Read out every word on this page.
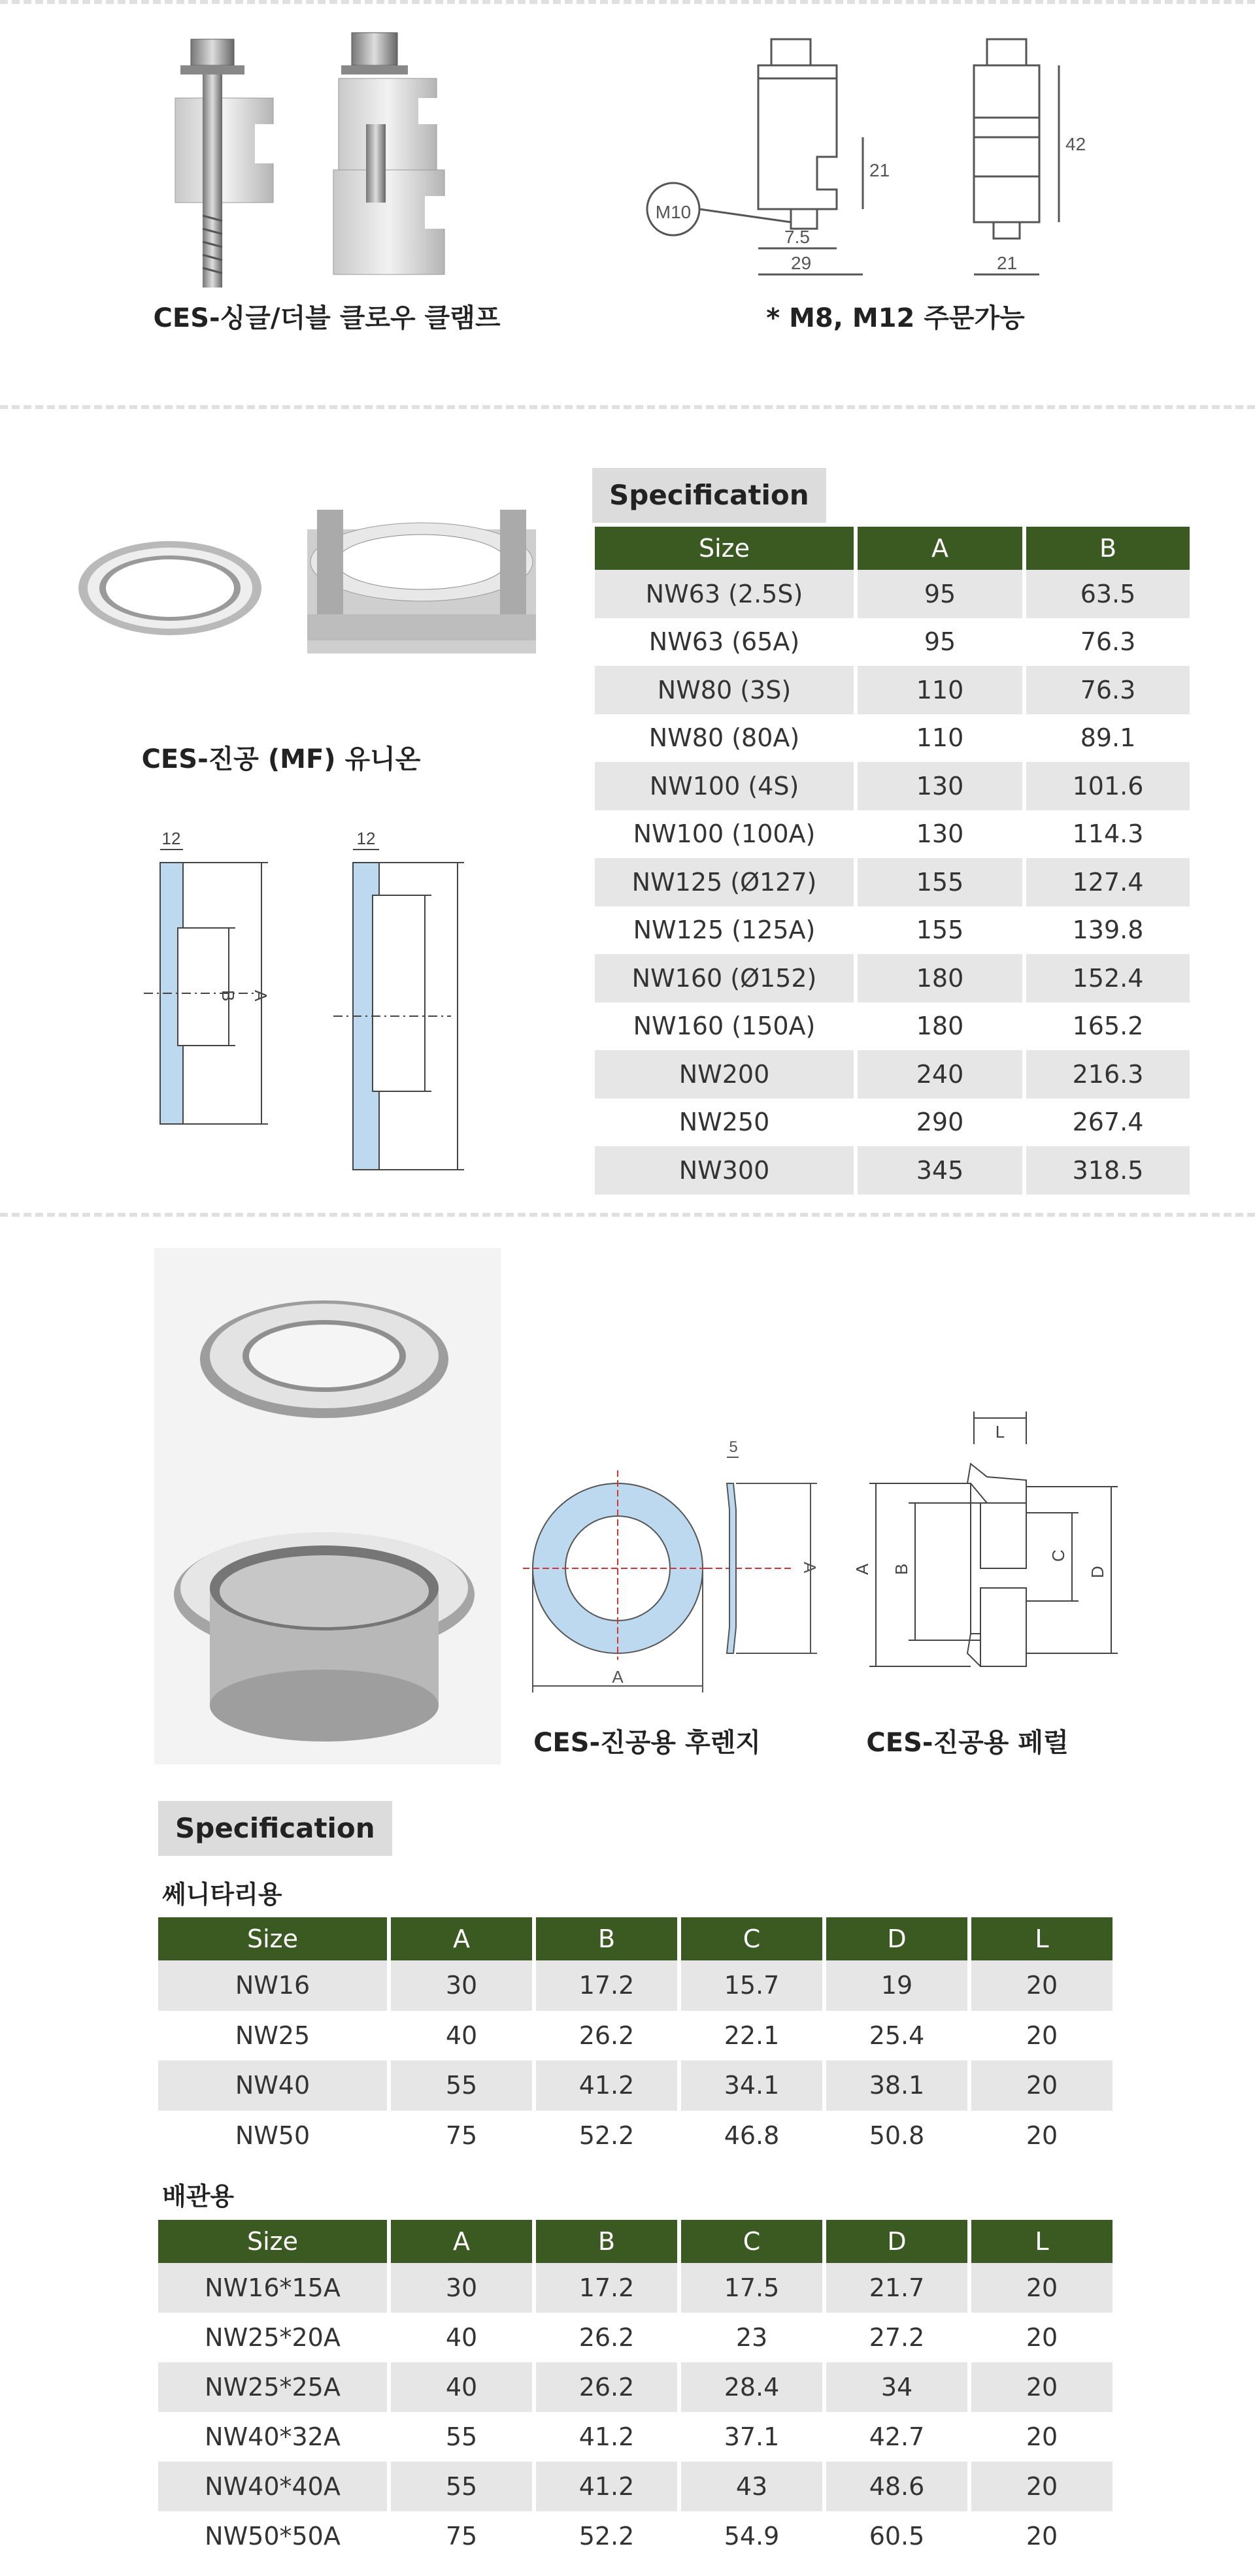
M10
7.5
29
21
42
21
CES-싱글/더블 클로우 클램프	* M8, M12 주문가능
CES-진공 (MF) 유니온
12	12
B A
Specification
Size	A	B
NW63 (2.5S)	95	63.5
NW63 (65A)	95	76.3
NW80 (3S)	110	76.3
NW80 (80A)	110	89.1
NW100 (4S)	130	101.6
NW100 (100A)	130	114.3
NW125 (Ø127)	155	127.4
NW125 (125A)	155	139.8
NW160 (Ø152)	180	152.4
NW160 (150A)	180	165.2
NW200	240	216.3
NW250	290	267.4
NW300	345	318.5
5
A
A
L
A B
C
D
CES-진공용 후렌지	CES-진공용 페럴
Specification
쎄니타리용
Size	A	B	C	D	L
NW16	30	17.2	15.7	19	20
NW25	40	26.2	22.1	25.4	20
NW40	55	41.2	34.1	38.1	20
NW50	75	52.2	46.8	50.8	20
배관용
Size	A	B	C	D	L
NW16*15A	30	17.2	17.5	21.7	20
NW25*20A	40	26.2	23	27.2	20
NW25*25A	40	26.2	28.4	34	20
NW40*32A	55	41.2	37.1	42.7	20
NW40*40A	55	41.2	43	48.6	20
NW50*50A	75	52.2	54.9	60.5	20
